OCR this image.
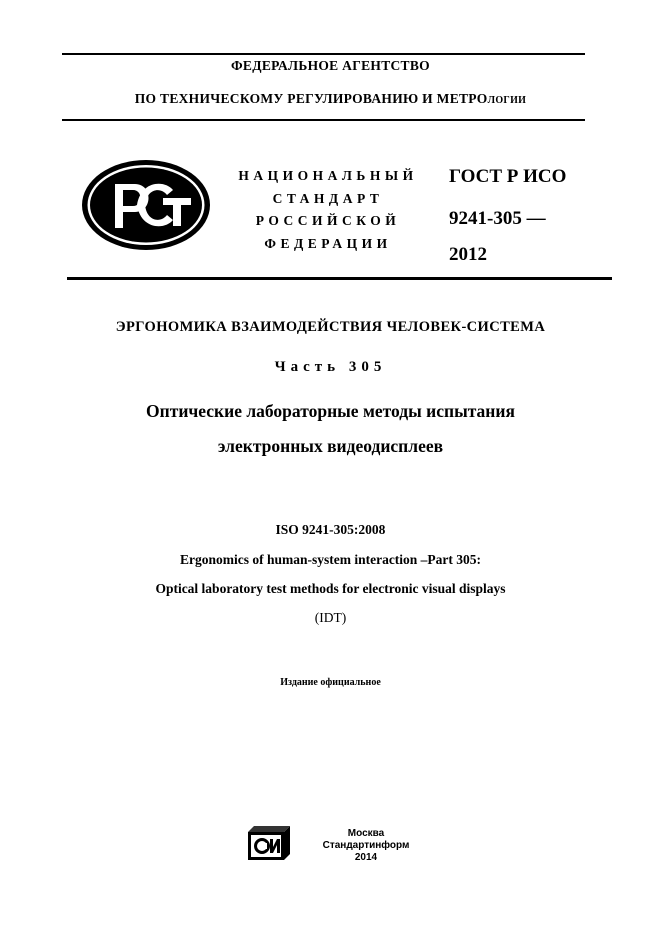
ФЕДЕРАЛЬНОЕ АГЕНТСТВО
ПО ТЕХНИЧЕСКОМУ РЕГУЛИРОВАНИЮ И МЕТРОЛОГИИ
НАЦИОНАЛЬНЫЙ
СТАНДАРТ
РОССИЙСКОЙ
ФЕДЕРАЦИИ
ГОСТ Р ИСО
9241-305 —
2012
ЭРГОНОМИКА ВЗАИМОДЕЙСТВИЯ ЧЕЛОВЕК-СИСТЕМА
Часть 305
Оптические лабораторные методы испытания
электронных видеодисплеев
ISO 9241-305:2008
Ergonomics of human-system interaction –Part 305:
Optical laboratory test methods for electronic visual displays
(IDT)
Издание официальное
Москва
Стандартинформ
2014
